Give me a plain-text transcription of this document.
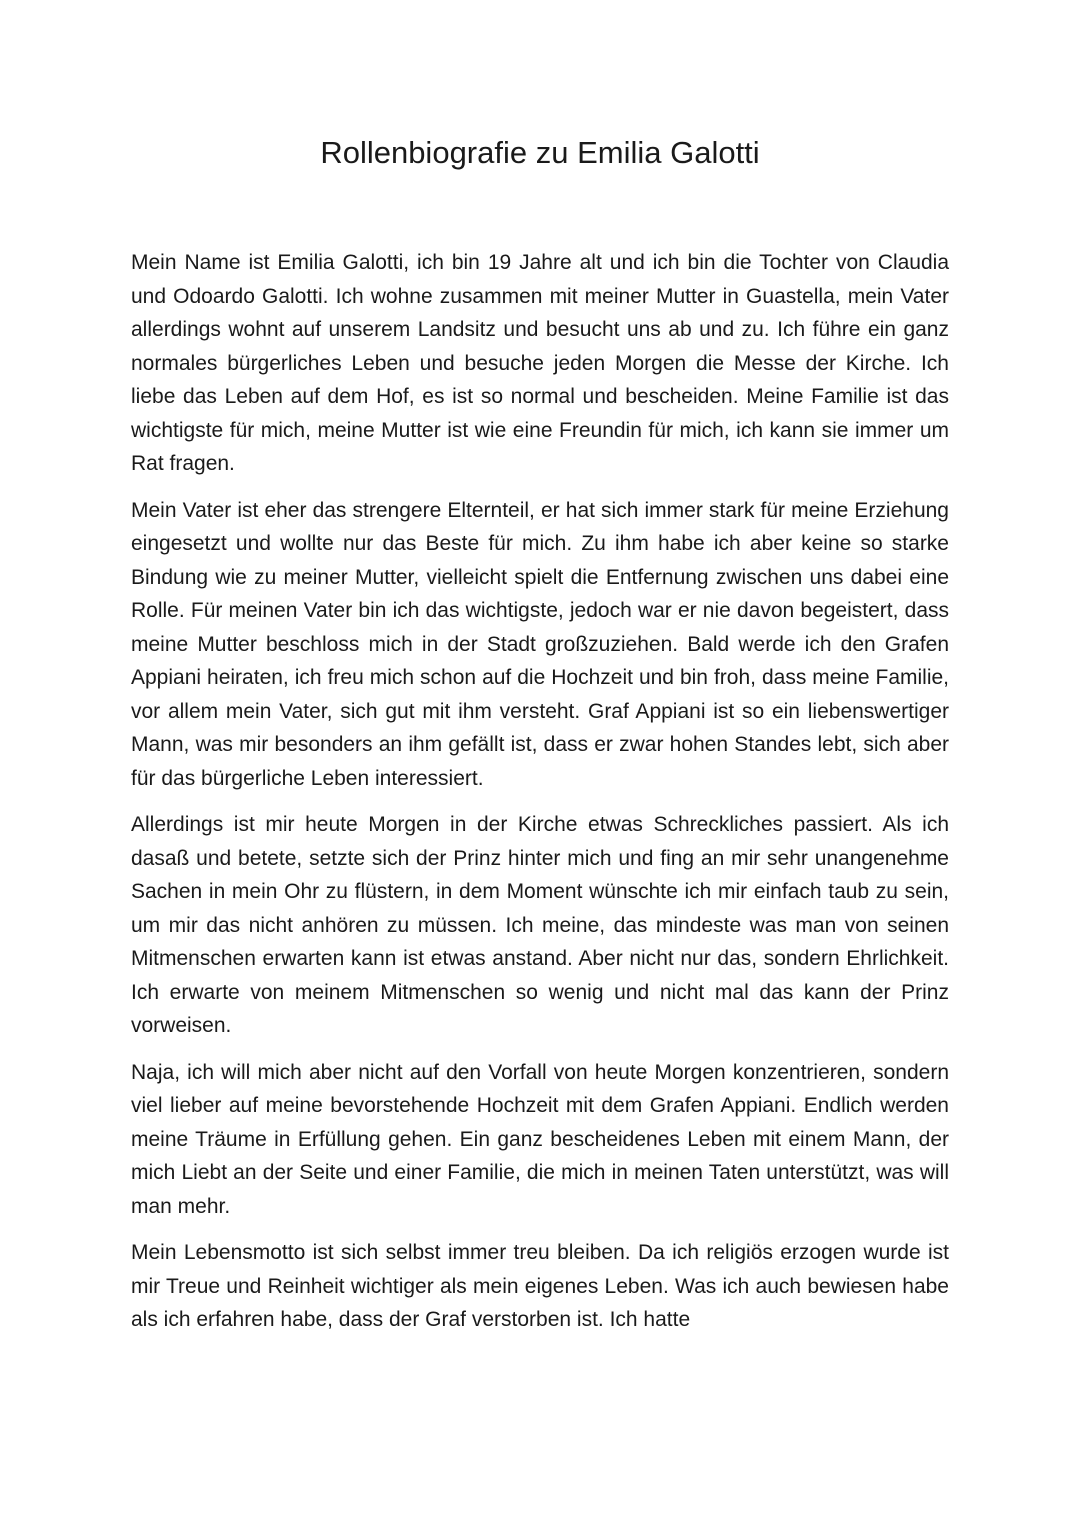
Rollenbiografie zu Emilia Galotti

Mein Name ist Emilia Galotti, ich bin 19 Jahre alt und ich bin die Tochter von Claudia und Odoardo Galotti. Ich wohne zusammen mit meiner Mutter in Guastella, mein Vater allerdings wohnt auf unserem Landsitz und besucht uns ab und zu. Ich führe ein ganz normales bürgerliches Leben und besuche jeden Morgen die Messe der Kirche. Ich liebe das Leben auf dem Hof, es ist so normal und bescheiden. Meine Familie ist das wichtigste für mich, meine Mutter ist wie eine Freundin für mich, ich kann sie immer um Rat fragen.

Mein Vater ist eher das strengere Elternteil, er hat sich immer stark für meine Erziehung eingesetzt und wollte nur das Beste für mich. Zu ihm habe ich aber keine so starke Bindung wie zu meiner Mutter, vielleicht spielt die Entfernung zwischen uns dabei eine Rolle. Für meinen Vater bin ich das wichtigste, jedoch war er nie davon begeistert, dass meine Mutter beschloss mich in der Stadt großzuziehen. Bald werde ich den Grafen Appiani heiraten, ich freu mich schon auf die Hochzeit und bin froh, dass meine Familie, vor allem mein Vater, sich gut mit ihm versteht. Graf Appiani ist so ein liebenswertiger Mann, was mir besonders an ihm gefällt ist, dass er zwar hohen Standes lebt, sich aber für das bürgerliche Leben interessiert.

Allerdings ist mir heute Morgen in der Kirche etwas Schreckliches passiert. Als ich dasaß und betete, setzte sich der Prinz hinter mich und fing an mir sehr unangenehme Sachen in mein Ohr zu flüstern, in dem Moment wünschte ich mir einfach taub zu sein, um mir das nicht anhören zu müssen. Ich meine, das mindeste was man von seinen Mitmenschen erwarten kann ist etwas anstand. Aber nicht nur das, sondern Ehrlichkeit. Ich erwarte von meinem Mitmenschen so wenig und nicht mal das kann der Prinz vorweisen.

Naja, ich will mich aber nicht auf den Vorfall von heute Morgen konzentrieren, sondern viel lieber auf meine bevorstehende Hochzeit mit dem Grafen Appiani. Endlich werden meine Träume in Erfüllung gehen. Ein ganz bescheidenes Leben mit einem Mann, der mich Liebt an der Seite und einer Familie, die mich in meinen Taten unterstützt, was will man mehr.

Mein Lebensmotto ist sich selbst immer treu bleiben. Da ich religiös erzogen wurde ist mir Treue und Reinheit wichtiger als mein eigenes Leben. Was ich auch bewiesen habe als ich erfahren habe, dass der Graf verstorben ist. Ich hatte
